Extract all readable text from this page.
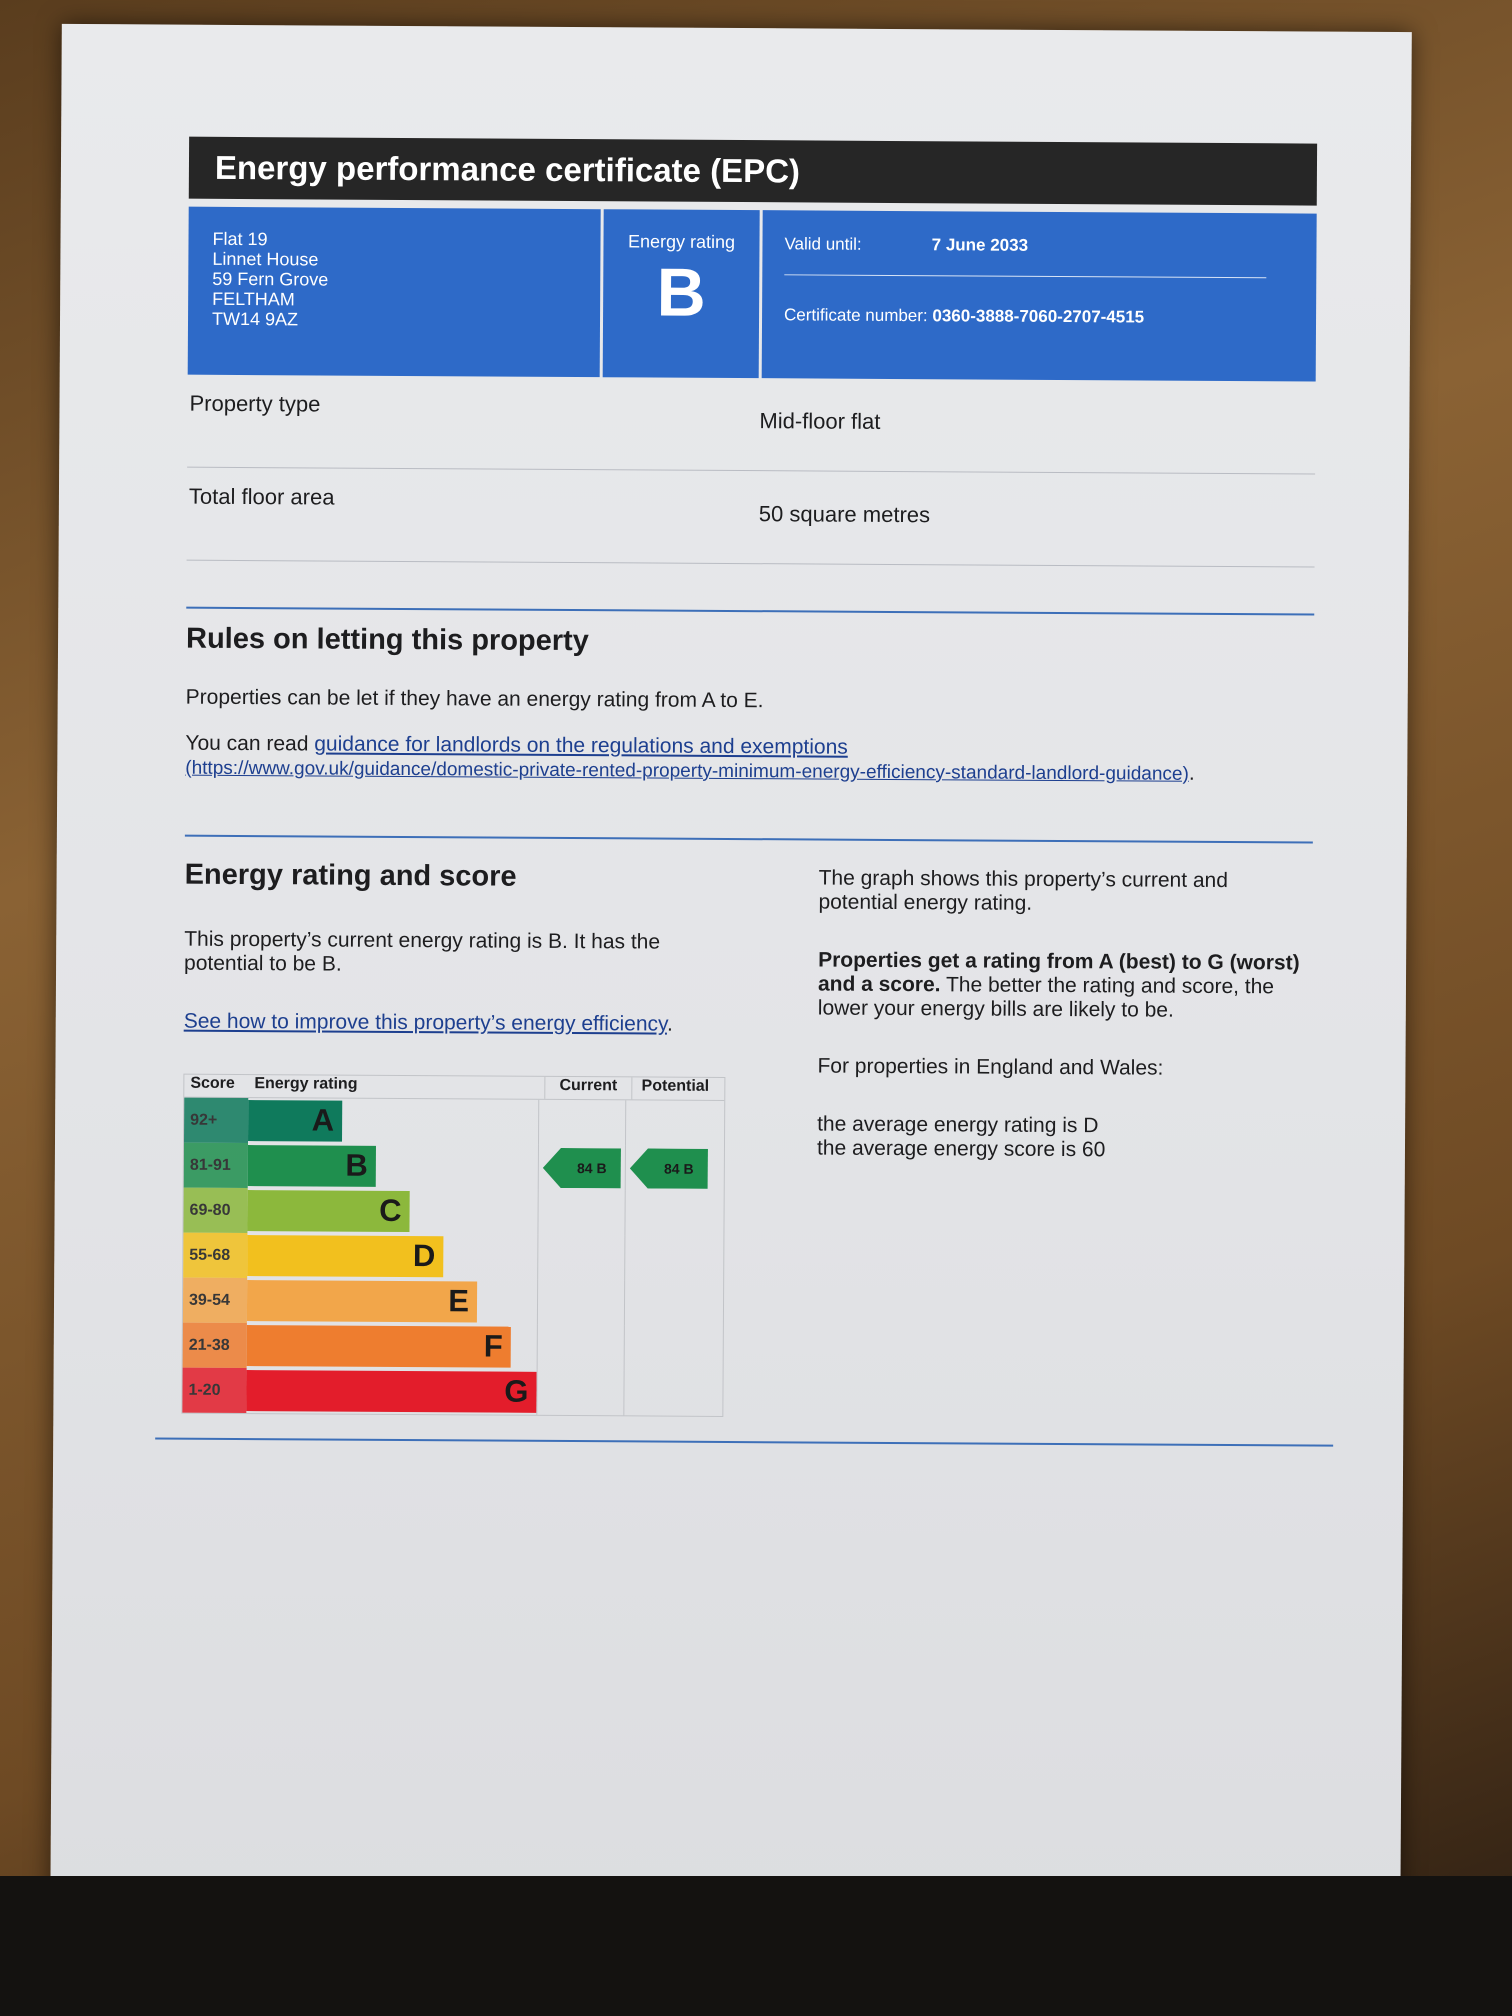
Energy performance certificate (EPC)
Flat 19
Linnet House
59 Fern Grove
FELTHAM
TW14 9AZ
Energy rating
B
Valid until:	7 June 2033
Certificate number: 0360-3888-7060-2707-4515
Property type
Mid-floor flat
Total floor area
50 square metres
Rules on letting this property

Properties can be let if they have an energy rating from A to E.

You can read guidance for landlords on the regulations and exemptions
(https://www.gov.uk/guidance/domestic-private-rented-property-minimum-energy-efficiency-standard-landlord-guidance).

Energy rating and score

This property’s current energy rating is B. It has the potential to be B.

See how to improve this property’s energy efficiency.

Score	Energy rating	Current	Potential
92+	A
81-91	B	84 B	84 B
69-80	C
55-68	D
39-54	E
21-38	F
1-20	G

The graph shows this property’s current and potential energy rating.

Properties get a rating from A (best) to G (worst) and a score. The better the rating and score, the lower your energy bills are likely to be.

For properties in England and Wales:

the average energy rating is D
the average energy score is 60
